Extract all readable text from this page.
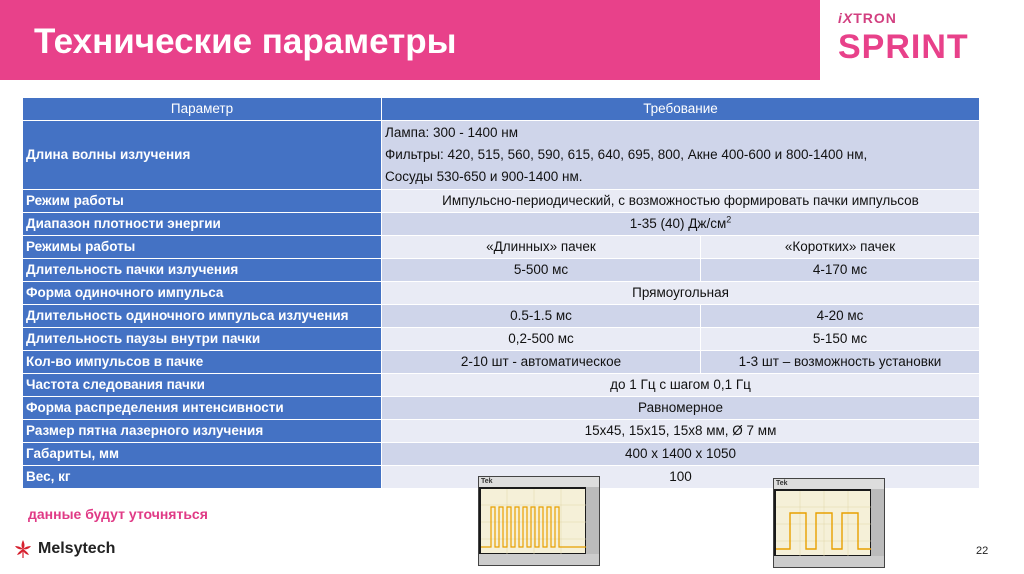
Технические параметры
iXTRON
SPRINT
Параметр	Требование	
Длина волны излучения	Лампа: 300 - 1400 нм
Фильтры: 420, 515, 560, 590, 615, 640, 695, 800, Акне 400-600 и 800-1400 нм,
Сосуды 530-650 и 900-1400 нм.	

Режим работы	Импульсно-периодический, с возможностью формировать пачки импульсов	
Диапазон плотности энергии	1-35 (40) $Дж/см^2$
Режимы работы	«Длинных» пачек	«Коротких» пачек
Длительность пачки излучения	5-500 мс	4-170 мс
Форма одиночного импульса	Прямоугольная	
Длительность одиночного импульса излучения	0.5-1.5 мс	4-20 мс
Длительность паузы внутри пачки	0,2-500 мс	5-150 мс
Кол-во импульсов в пачке	2-10 шт - автоматическое	1-3 шт – возможность установки
Частота следования пачки	до 1 Гц с шагом 0,1 Гц	
Форма распределения интенсивности	Равномерное	
Размер пятна лазерного излучения	15х45, 15х15, 15х8 мм, Ø 7 мм	
Габариты, мм	400 х 1400 х 1050	
Вес, кг	100	
Tek	Tek
данные будут уточняться
Melsytech	22
